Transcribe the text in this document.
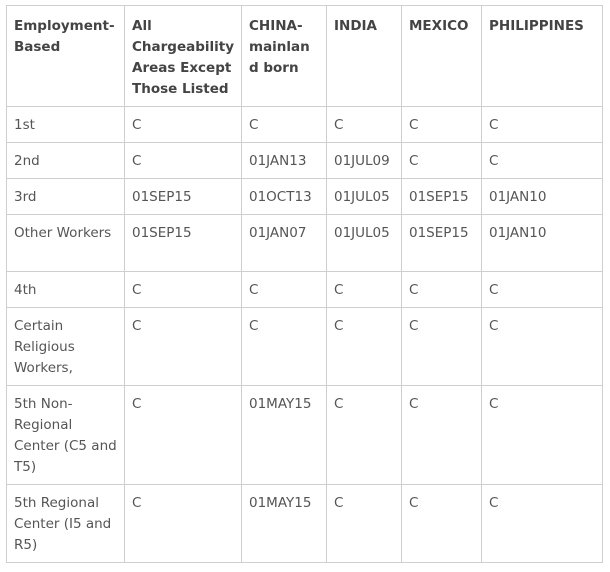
Employment-Based	All Chargeability Areas Except Those Listed	CHINA-mainland born	INDIA	MEXICO	PHILIPPINES
1st	C	C	C	C	C
2nd	C	01JAN13	01JUL09	C	C
3rd	01SEP15	01OCT13	01JUL05	01SEP15	01JAN10
Other Workers	01SEP15	01JAN07	01JUL05	01SEP15	01JAN10
4th	C	C	C	C	C
Certain Religious Workers,	C	C	C	C	C
5th Non-Regional Center (C5 and T5)	C	01MAY15	C	C	C
5th Regional Center (I5 and R5)	C	01MAY15	C	C	C
